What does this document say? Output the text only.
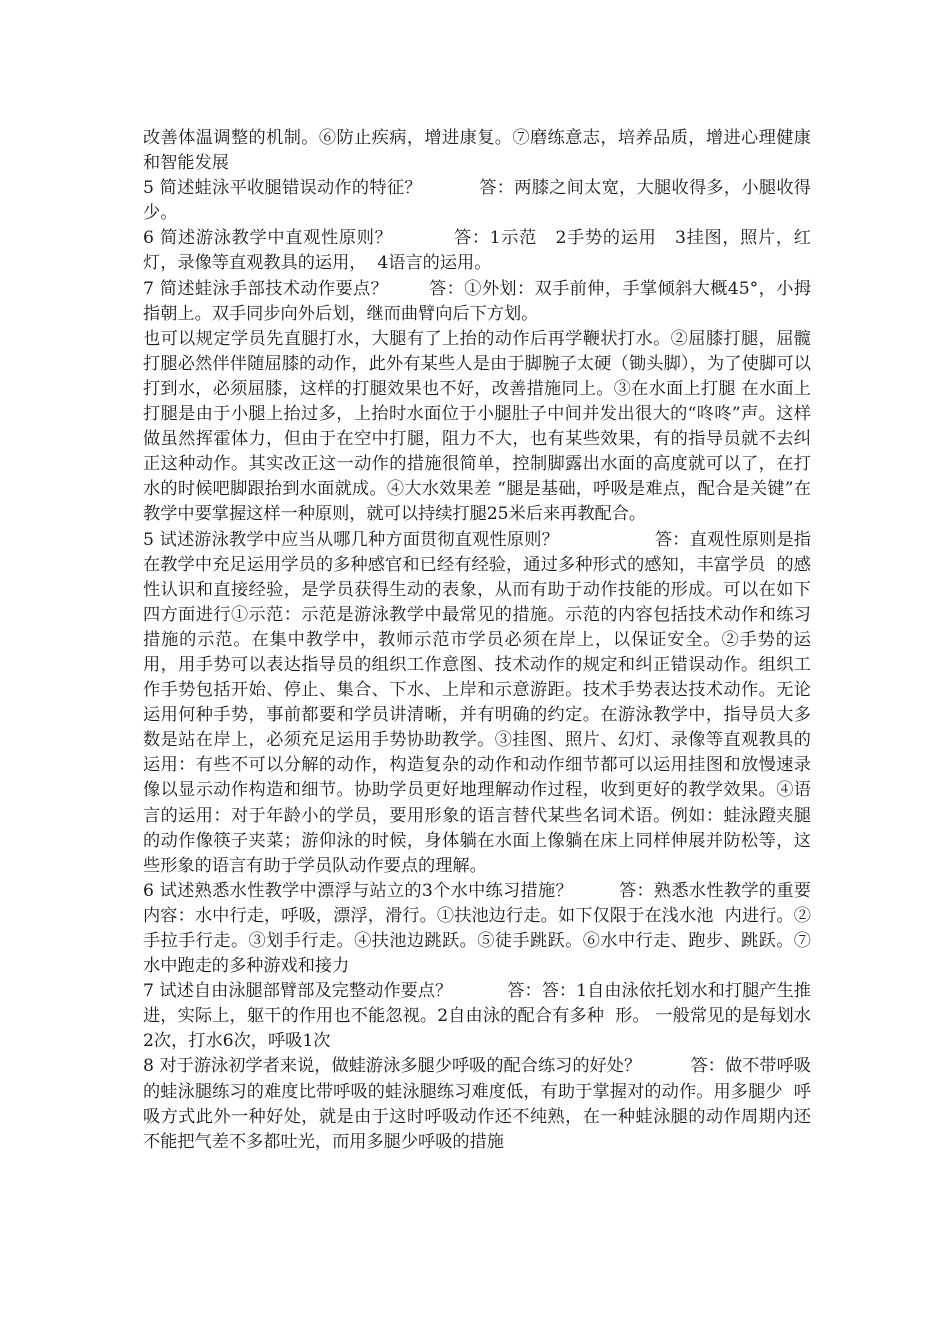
改善体温调整的机制。⑥防止疾病，增进康复。⑦磨练意志，培养品质，增进心理健康和智能发展

5 简述蛙泳平收腿错误动作的特征？          答：两膝之间太宽，大腿收得多，小腿收得少。

6 简述游泳教学中直观性原则？          答：1示范   2手势的运用   3挂图，照片，红灯，录像等直观教具的运用，  4语言的运用。

7 简述蛙泳手部技术动作要点？       答：①外划：双手前伸，手掌倾斜大概45°，小拇指朝上。双手同步向外后划，继而曲臂向后下方划。

也可以规定学员先直腿打水，大腿有了上抬的动作后再学鞭状打水。②屈膝打腿，屈髋打腿必然伴伴随屈膝的动作，此外有某些人是由于脚腕子太硬（锄头脚），为了使脚可以打到水，必须屈膝，这样的打腿效果也不好，改善措施同上。③在水面上打腿 在水面上打腿是由于小腿上抬过多，上抬时水面位于小腿肚子中间并发出很大的“咚咚”声。这样做虽然挥霍体力，但由于在空中打腿，阻力不大，也有某些效果，有的指导员就不去纠正这种动作。其实改正这一动作的措施很简单，控制脚露出水面的高度就可以了，在打水的时候吧脚跟抬到水面就成。④大水效果差 “腿是基础，呼吸是难点，配合是关键”在教学中要掌握这样一种原则，就可以持续打腿25米后来再教配合。

5 试述游泳教学中应当从哪几种方面贯彻直观性原则？                 答：直观性原则是指在教学中充足运用学员的多种感官和已经有经验，通过多种形式的感知，丰富学员  的感性认识和直接经验，是学员获得生动的表象，从而有助于动作技能的形成。可以在如下四方面进行①示范：示范是游泳教学中最常见的措施。示范的内容包括技术动作和练习措施的示范。在集中教学中，教师示范市学员必须在岸上，以保证安全。②手势的运用，用手势可以表达指导员的组织工作意图、技术动作的规定和纠正错误动作。组织工作手势包括开始、停止、集合、下水、上岸和示意游距。技术手势表达技术动作。无论运用何种手势，事前都要和学员讲清晰，并有明确的约定。在游泳教学中，指导员大多数是站在岸上，必须充足运用手势协助教学。③挂图、照片、幻灯、录像等直观教具的运用：有些不可以分解的动作，构造复杂的动作和动作细节都可以运用挂图和放慢速录像以显示动作构造和细节。协助学员更好地理解动作过程，收到更好的教学效果。④语言的运用：对于年龄小的学员，要用形象的语言替代某些名词术语。例如：蛙泳蹬夹腿的动作像筷子夹菜；游仰泳的时候，身体躺在水面上像躺在床上同样伸展并防松等，这些形象的语言有助于学员队动作要点的理解。

6 试述熟悉水性教学中漂浮与站立的3个水中练习措施？        答：熟悉水性教学的重要内容：水中行走，呼吸，漂浮，滑行。①扶池边行走。如下仅限于在浅水池  内进行。②手拉手行走。③划手行走。④扶池边跳跃。⑤徒手跳跃。⑥水中行走、跑步、跳跃。⑦水中跑走的多种游戏和接力

7 试述自由泳腿部臂部及完整动作要点？          答：答：1自由泳依托划水和打腿产生推进，实际上，躯干的作用也不能忽视。2自由泳的配合有多种  形。 一般常见的是每划水2次，打水6次，呼吸1次

8 对于游泳初学者来说，做蛙游泳多腿少呼吸的配合练习的好处？         答：做不带呼吸的蛙泳腿练习的难度比带呼吸的蛙泳腿练习难度低，有助于掌握对的动作。用多腿少  呼吸方式此外一种好处，就是由于这时呼吸动作还不纯熟，在一种蛙泳腿的动作周期内还不能把气差不多都吐光，而用多腿少呼吸的措施
